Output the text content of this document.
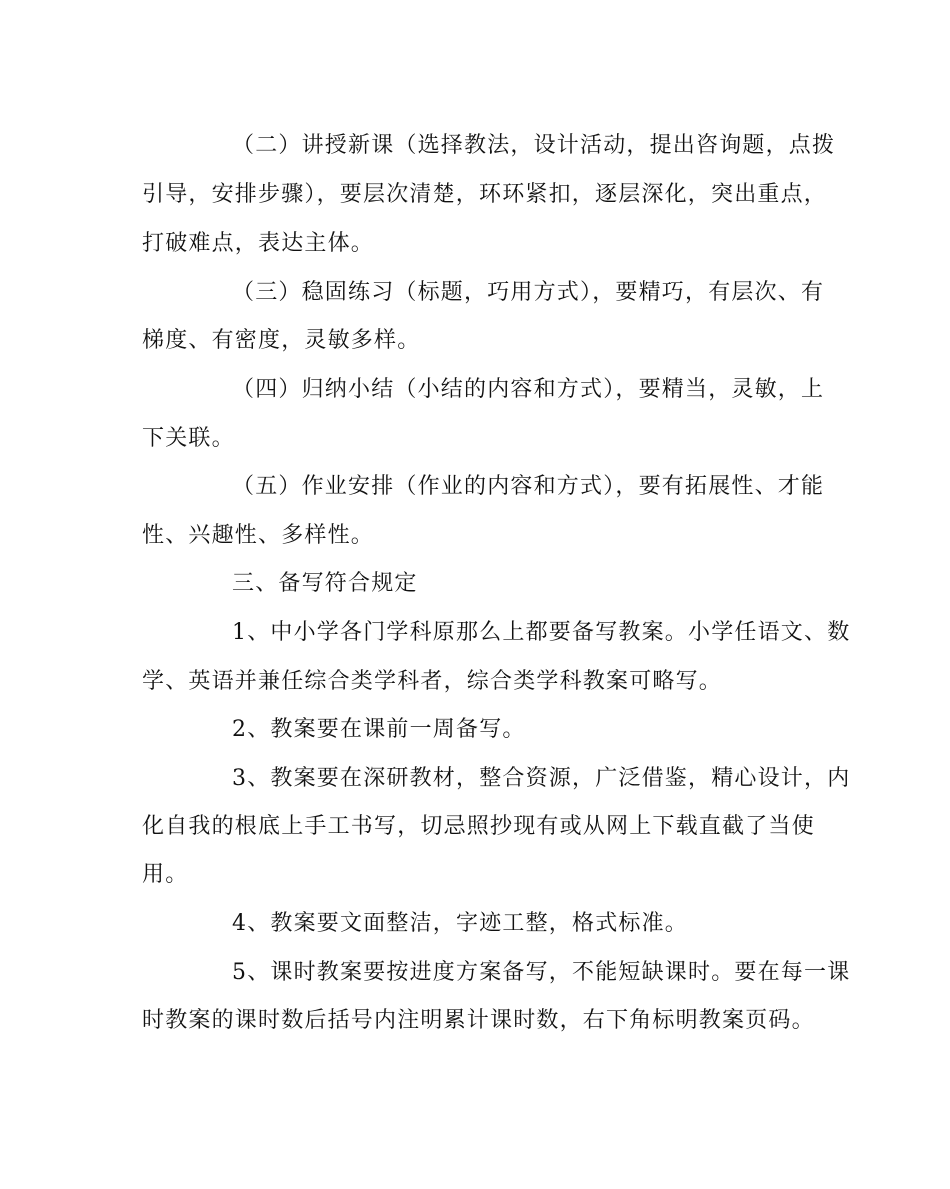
（二）讲授新课（选择教法，设计活动，提出咨询题，点拨
引导，安排步骤），要层次清楚，环环紧扣，逐层深化，突出重点，
打破难点，表达主体。
（三）稳固练习（标题，巧用方式），要精巧，有层次、有
梯度、有密度，灵敏多样。
（四）归纳小结（小结的内容和方式），要精当，灵敏，上
下关联。
（五）作业安排（作业的内容和方式），要有拓展性、才能
性、兴趣性、多样性。
三、备写符合规定
1、中小学各门学科原那么上都要备写教案。小学任语文、数
学、英语并兼任综合类学科者，综合类学科教案可略写。
2、教案要在课前一周备写。
3、教案要在深研教材，整合资源，广泛借鉴，精心设计，内
化自我的根底上手工书写，切忌照抄现有或从网上下载直截了当使
用。
4、教案要文面整洁，字迹工整，格式标准。
5、课时教案要按进度方案备写，不能短缺课时。要在每一课
时教案的课时数后括号内注明累计课时数，右下角标明教案页码。
